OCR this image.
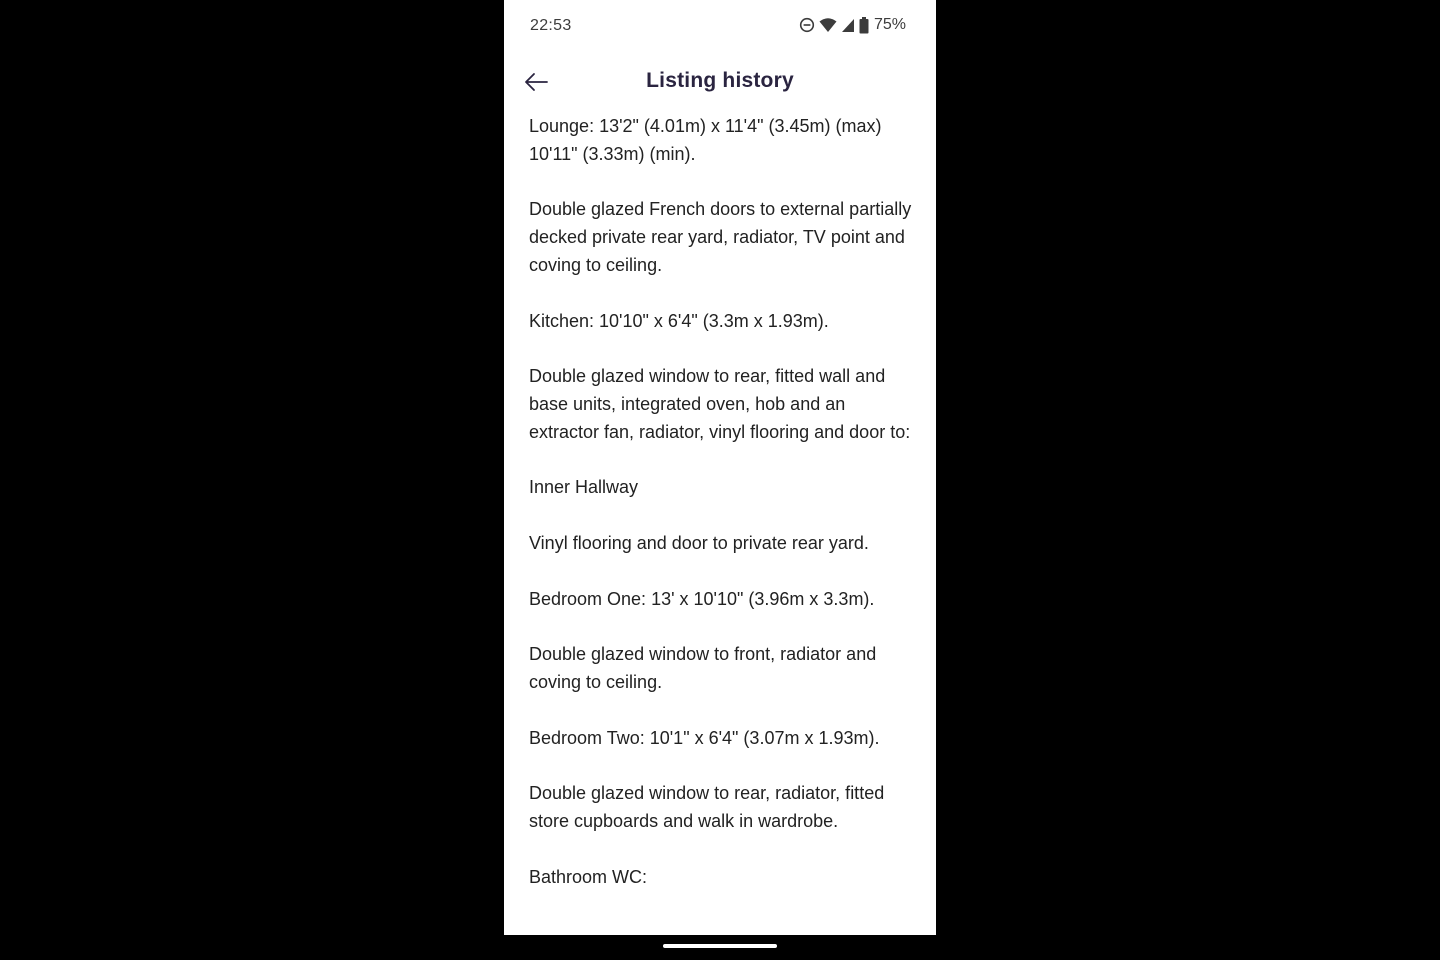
22:53	75%
Listing history

Lounge: 13'2" (4.01m) x 11'4" (3.45m) (max)
10'11" (3.33m) (min).

Double glazed French doors to external partially decked private rear yard, radiator, TV point and coving to ceiling.

Kitchen: 10'10" x 6'4" (3.3m x 1.93m).

Double glazed window to rear, fitted wall and base units, integrated oven, hob and an extractor fan, radiator, vinyl flooring and door to:

Inner Hallway

Vinyl flooring and door to private rear yard.

Bedroom One: 13' x 10'10" (3.96m x 3.3m).

Double glazed window to front, radiator and coving to ceiling.

Bedroom Two: 10'1" x 6'4" (3.07m x 1.93m).

Double glazed window to rear, radiator, fitted store cupboards and walk in wardrobe.

Bathroom WC:
